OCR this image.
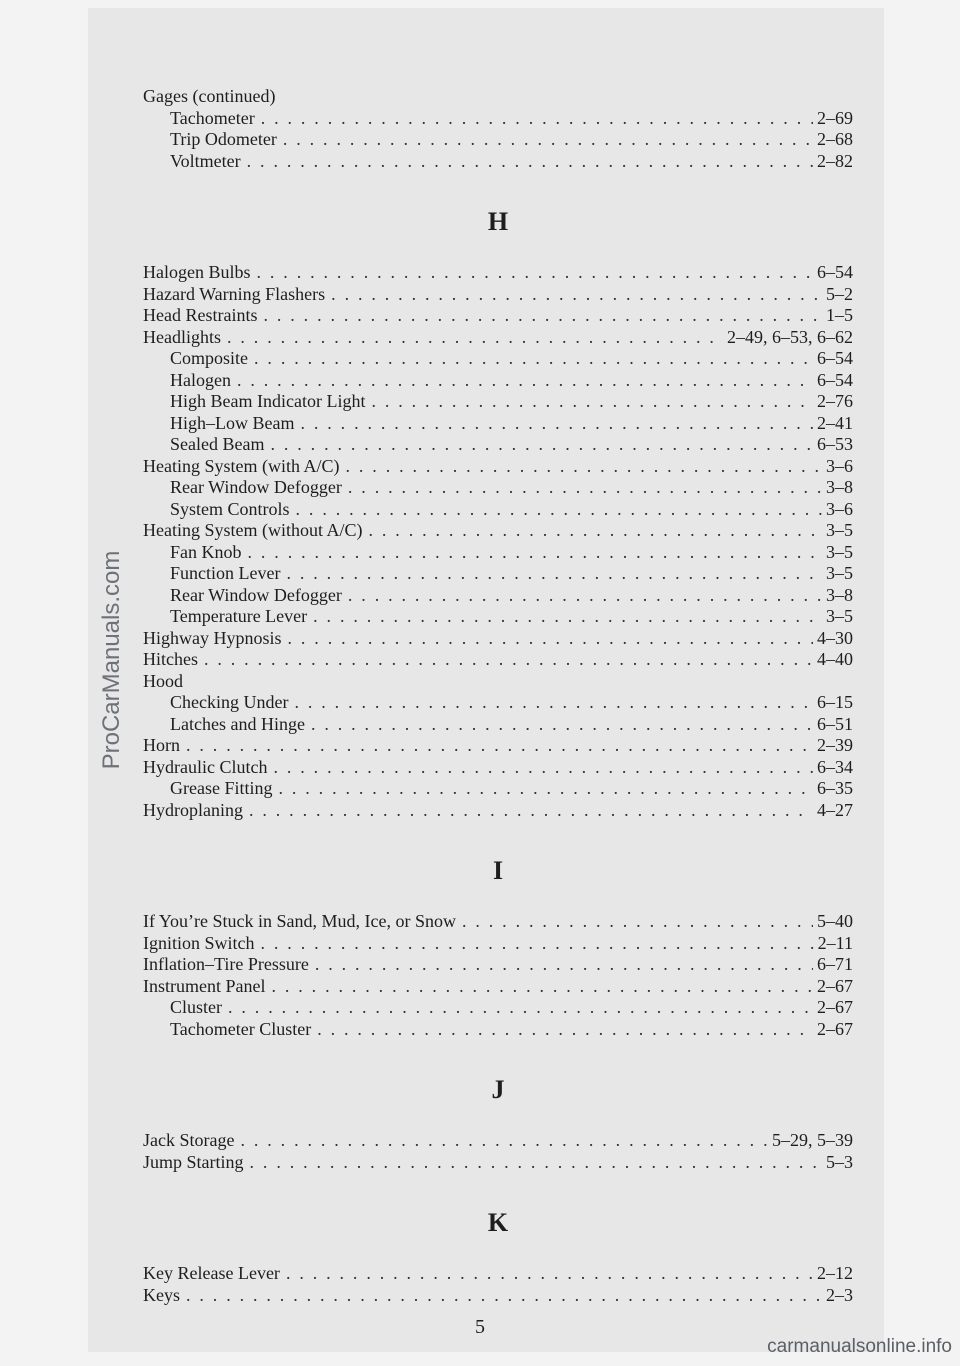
Gages (continued)
Tachometer . . .	2–69
Trip Odometer . . .	2–68
Voltmeter . . .	2–82
H
Halogen Bulbs . . .	6–54
Hazard Warning Flashers . . .	5–2
Head Restraints . . .	1–5
Headlights . . .	2–49, 6–53, 6–62
Composite . . .	6–54
Halogen . . .	6–54
High Beam Indicator Light . . .	2–76
High–Low Beam . . .	2–41
Sealed Beam . . .	6–53
Heating System (with A/C) . . .	3–6
Rear Window Defogger . . .	3–8
System Controls . . .	3–6
Heating System (without A/C) . . .	3–5
Fan Knob . . .	3–5
Function Lever . . .	3–5
Rear Window Defogger . . .	3–8
Temperature Lever . . .	3–5
Highway Hypnosis . . .	4–30
Hitches . . .	4–40
Hood
Checking Under . . .	6–15
Latches and Hinge . . .	6–51
Horn . . .	2–39
Hydraulic Clutch . . .	6–34
Grease Fitting . . .	6–35
Hydroplaning . . .	4–27
I
If You’re Stuck in Sand, Mud, Ice, or Snow . . .	5–40
Ignition Switch . . .	2–11
Inflation–Tire Pressure . . .	6–71
Instrument Panel . . .	2–67
Cluster . . .	2–67
Tachometer Cluster . . .	2–67
J
Jack Storage . . .	5–29, 5–39
Jump Starting . . .	5–3
K
Key Release Lever . . .	2–12
Keys . . .	2–3
5
ProCarManuals.com
carmanualsonline.info
